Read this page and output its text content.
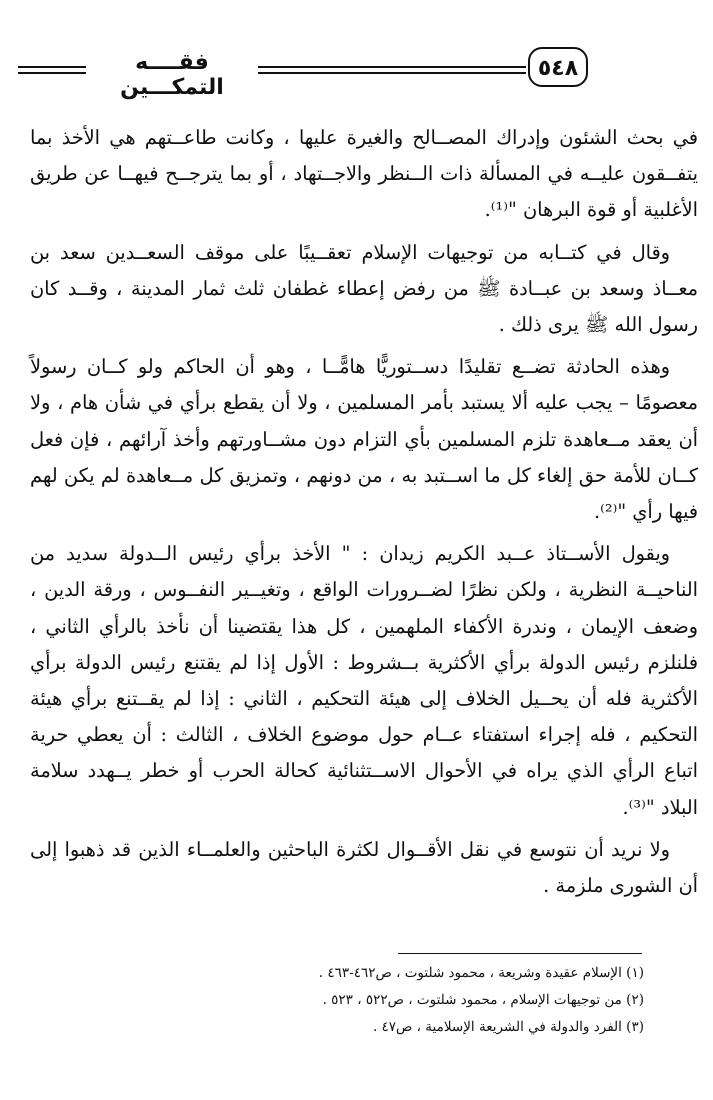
فقــــه التمكـــين
٥٤٨

في بحث الشئون وإدراك المصــالح والغيرة عليها ، وكانت طاعــتهم هي الأخذ بما يتفــقون عليــه في المسألة ذات الــنظر والاجــتهاد ، أو بما يترجــح فيهــا عن طريق الأغلبية أو قوة البرهان "⁽¹⁾.

وقال في كتــابه من توجيهات الإسلام تعقــيبًا على موقف السعــدين سعد بن معــاذ وسعد بن عبــادة ﷺ من رفض إعطاء غطفان ثلث ثمار المدينة ، وقــد كان رسول الله ﷺ يرى ذلك .

وهذه الحادثة تضــع تقليدًا دســتوريًّا هامًّــا ، وهو أن الحاكم ولو كــان رسولاً معصومًا – يجب عليه ألا يستبد بأمر المسلمين ، ولا أن يقطع برأي في شأن هام ، ولا أن يعقد مــعاهدة تلزم المسلمين بأي التزام دون مشــاورتهم وأخذ آرائهم ، فإن فعل كــان للأمة حق إلغاء كل ما اســتبد به ، من دونهم ، وتمزيق كل مــعاهدة لم يكن لهم فيها رأي "⁽²⁾.

ويقول الأســتاذ عــبد الكريم زيدان : " الأخذ برأي رئيس الــدولة سديد من الناحيــة النظرية ، ولكن نظرًا لضــرورات الواقع ، وتغيــير النفــوس ، ورقة الدين ، وضعف الإيمان ، وندرة الأكفاء الملهمين ، كل هذا يقتضينا أن نأخذ بالرأي الثاني ، فلنلزم رئيس الدولة برأي الأكثرية بــشروط : الأول إذا لم يقتنع رئيس الدولة برأي الأكثرية فله أن يحــيل الخلاف إلى هيئة التحكيم ، الثاني : إذا لم يقــتنع برأي هيئة التحكيم ، فله إجراء استفتاء عــام حول موضوع الخلاف ، الثالث : أن يعطي حرية اتباع الرأي الذي يراه في الأحوال الاســتثنائية كحالة الحرب أو خطر يــهدد سلامة البلاد "⁽³⁾.

ولا نريد أن نتوسع في نقل الأقــوال لكثرة الباحثين والعلمــاء الذين قد ذهبوا إلى أن الشورى ملزمة .

(١) الإسلام عقيدة وشريعة ، محمود شلتوت ، ص٤٦٢-٤٦٣ .

(٢) من توجيهات الإسلام ، محمود شلتوت ، ص٥٢٢ ، ٥٢٣ .

(٣) الفرد والدولة في الشريعة الإسلامية ، ص٤٧ .
